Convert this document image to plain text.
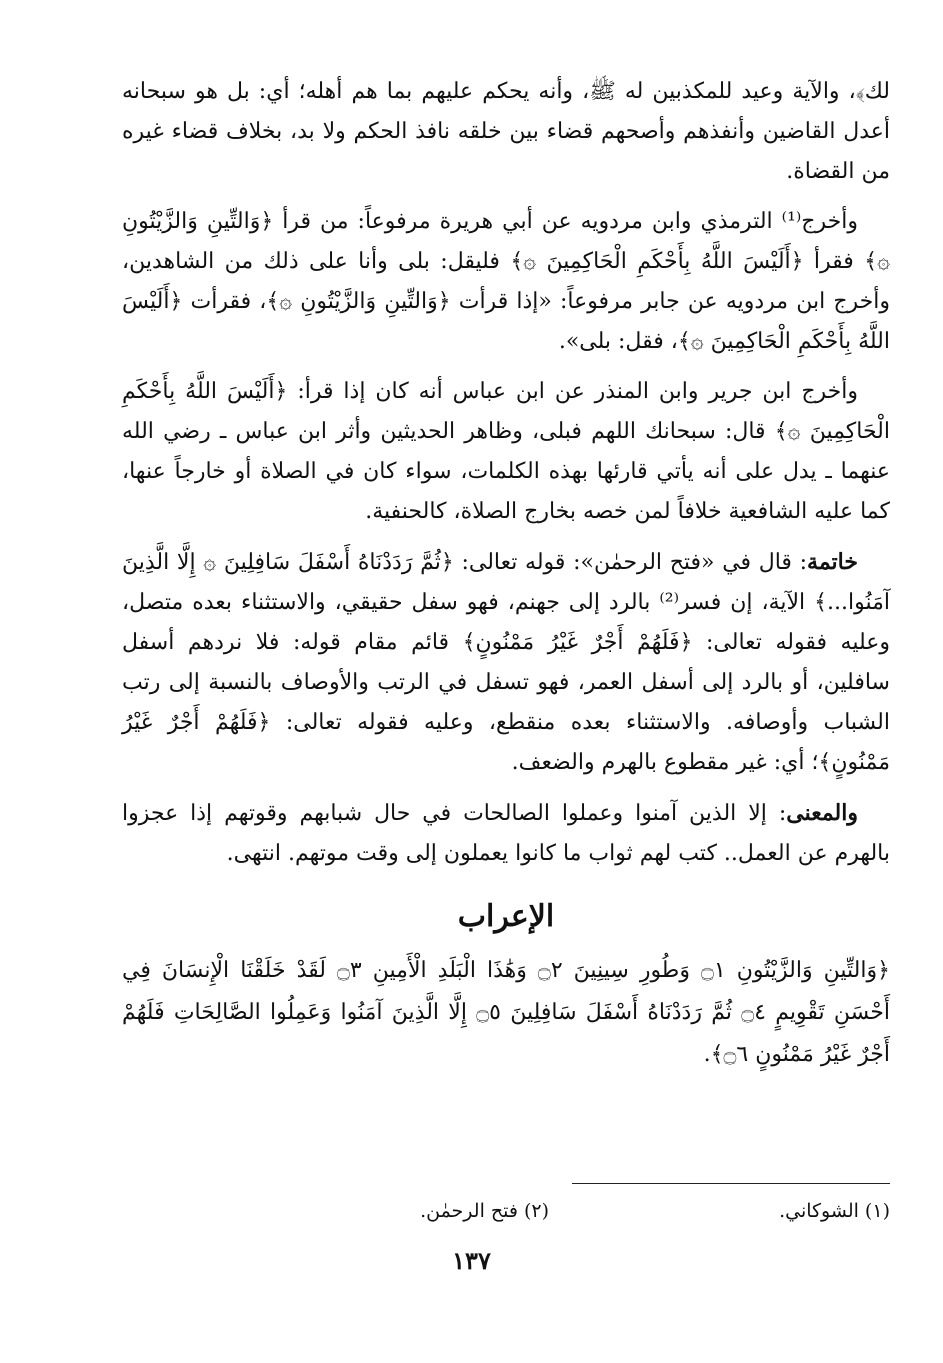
لك﴾، والآية وعيد للمكذبين له ﷺ، وأنه يحكم عليهم بما هم أهله؛ أي: بل هو سبحانه أعدل القاضين وأنفذهم وأصحهم قضاء بين خلقه نافذ الحكم ولا بد، بخلاف قضاء غيره من القضاة.

وأخرج⁽¹⁾ الترمذي وابن مردويه عن أبي هريرة مرفوعاً: من قرأ ﴿وَالتِّينِ وَالزَّيْتُونِ ۞﴾ فقرأ ﴿أَلَيْسَ اللَّهُ بِأَحْكَمِ الْحَاكِمِينَ ۞﴾ فليقل: بلى وأنا على ذلك من الشاهدين، وأخرج ابن مردويه عن جابر مرفوعاً: «إذا قرأت ﴿وَالتِّينِ وَالزَّيْتُونِ ۞﴾، فقرأت ﴿أَلَيْسَ اللَّهُ بِأَحْكَمِ الْحَاكِمِينَ ۞﴾، فقل: بلى».

وأخرج ابن جرير وابن المنذر عن ابن عباس أنه كان إذا قرأ: ﴿أَلَيْسَ اللَّهُ بِأَحْكَمِ الْحَاكِمِينَ ۞﴾ قال: سبحانك اللهم فبلى، وظاهر الحديثين وأثر ابن عباس ـ رضي الله عنهما ـ يدل على أنه يأتي قارئها بهذه الكلمات، سواء كان في الصلاة أو خارجاً عنها، كما عليه الشافعية خلافاً لمن خصه بخارج الصلاة، كالحنفية.

خاتمة: قال في «فتح الرحمٰن»: قوله تعالى: ﴿ثُمَّ رَدَدْنَاهُ أَسْفَلَ سَافِلِينَ ۞ إِلَّا الَّذِينَ آمَنُوا...﴾ الآية، إن فسر⁽²⁾ بالرد إلى جهنم، فهو سفل حقيقي، والاستثناء بعده متصل، وعليه فقوله تعالى: ﴿فَلَهُمْ أَجْرٌ غَيْرُ مَمْنُونٍ﴾ قائم مقام قوله: فلا نردهم أسفل سافلين، أو بالرد إلى أسفل العمر، فهو تسفل في الرتب والأوصاف بالنسبة إلى رتب الشباب وأوصافه. والاستثناء بعده منقطع، وعليه فقوله تعالى: ﴿فَلَهُمْ أَجْرٌ غَيْرُ مَمْنُونٍ﴾؛ أي: غير مقطوع بالهرم والضعف.

والمعنى: إلا الذين آمنوا وعملوا الصالحات في حال شبابهم وقوتهم إذا عجزوا بالهرم عن العمل.. كتب لهم ثواب ما كانوا يعملون إلى وقت موتهم. انتهى.

الإعراب

﴿وَالتِّينِ وَالزَّيْتُونِ ۝١ وَطُورِ سِينِينَ ۝٢ وَهَٰذَا الْبَلَدِ الْأَمِينِ ۝٣ لَقَدْ خَلَقْنَا الْإِنسَانَ فِي أَحْسَنِ تَقْوِيمٍ ۝٤ ثُمَّ رَدَدْنَاهُ أَسْفَلَ سَافِلِينَ ۝٥ إِلَّا الَّذِينَ آمَنُوا وَعَمِلُوا الصَّالِحَاتِ فَلَهُمْ أَجْرٌ غَيْرُ مَمْنُونٍ ۝٦﴾.

(١) الشوكاني.
(٢) فتح الرحمٰن.
١٣٧
